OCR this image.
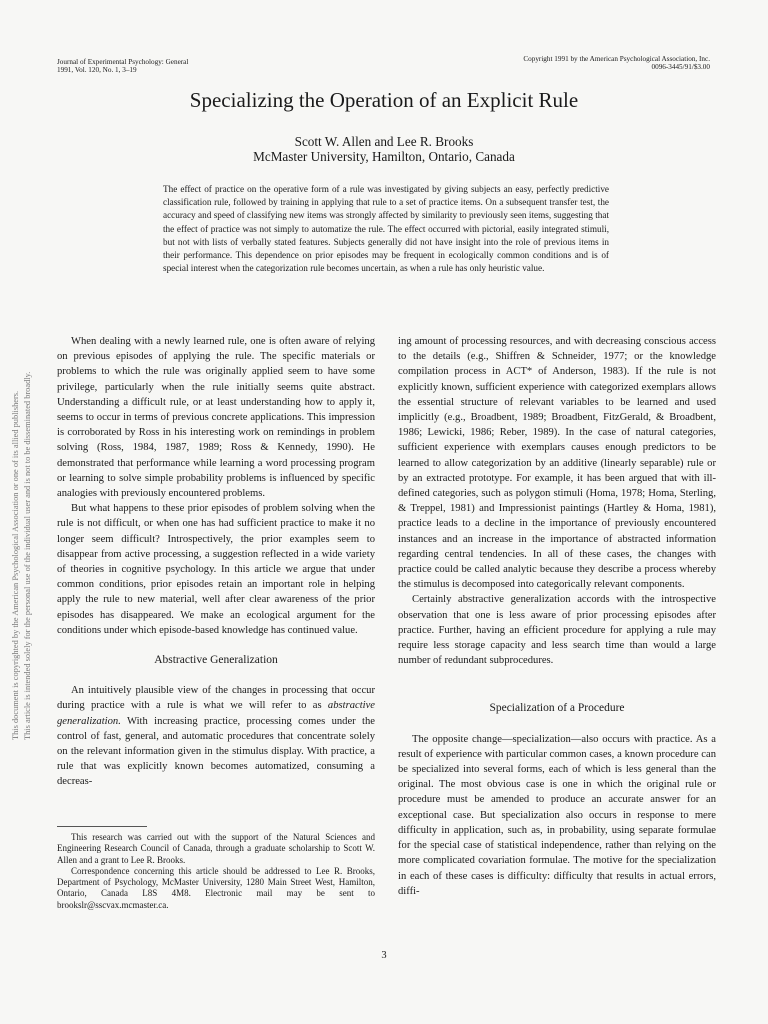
This document is copyrighted by the American Psychological Association or one of its allied publishers. This article is intended solely for the personal use of the individual user and is not to be disseminated broadly.
Journal of Experimental Psychology: General
1991, Vol. 120, No. 1, 3–19
Copyright 1991 by the American Psychological Association, Inc.
0096-3445/91/$3.00
Specializing the Operation of an Explicit Rule
Scott W. Allen and Lee R. Brooks
McMaster University, Hamilton, Ontario, Canada
The effect of practice on the operative form of a rule was investigated by giving subjects an easy, perfectly predictive classification rule, followed by training in applying that rule to a set of practice items. On a subsequent transfer test, the accuracy and speed of classifying new items was strongly affected by similarity to previously seen items, suggesting that the effect of practice was not simply to automatize the rule. The effect occurred with pictorial, easily integrated stimuli, but not with lists of verbally stated features. Subjects generally did not have insight into the role of previous items in their performance. This dependence on prior episodes may be frequent in ecologically common conditions and is of special interest when the categorization rule becomes uncertain, as when a rule has only heuristic value.

When dealing with a newly learned rule, one is often aware of relying on previous episodes of applying the rule. The specific materials or problems to which the rule was originally applied seem to have some privilege, particularly when the rule initially seems quite abstract. Understanding a difficult rule, or at least understanding how to apply it, seems to occur in terms of previous concrete applications. This impression is corroborated by Ross in his interesting work on remindings in problem solving (Ross, 1984, 1987, 1989; Ross & Kennedy, 1990). He demonstrated that performance while learning a word processing program or learning to solve simple probability problems is influenced by specific analogies with previously encountered problems.

But what happens to these prior episodes of problem solving when the rule is not difficult, or when one has had sufficient practice to make it no longer seem difficult? Introspectively, the prior examples seem to disappear from active processing, a suggestion reflected in a wide variety of theories in cognitive psychology. In this article we argue that under common conditions, prior episodes retain an important role in helping apply the rule to new material, well after clear awareness of the prior episodes has disappeared. We make an ecological argument for the conditions under which episode-based knowledge has continued value.

Abstractive Generalization

An intuitively plausible view of the changes in processing that occur during practice with a rule is what we will refer to as abstractive generalization. With increasing practice, processing comes under the control of fast, general, and automatic procedures that concentrate solely on the relevant information given in the stimulus display. With practice, a rule that was explicitly known becomes automatized, consuming a decreas-

This research was carried out with the support of the Natural Sciences and Engineering Research Council of Canada, through a graduate scholarship to Scott W. Allen and a grant to Lee R. Brooks.

Correspondence concerning this article should be addressed to Lee R. Brooks, Department of Psychology, McMaster University, 1280 Main Street West, Hamilton, Ontario, Canada L8S 4M8. Electronic mail may be sent to brookslr@sscvax.mcmaster.ca.

ing amount of processing resources, and with decreasing conscious access to the details (e.g., Shiffren & Schneider, 1977; or the knowledge compilation process in ACT* of Anderson, 1983). If the rule is not explicitly known, sufficient experience with categorized exemplars allows the essential structure of relevant variables to be learned and used implicitly (e.g., Broadbent, 1989; Broadbent, FitzGerald, & Broadbent, 1986; Lewicki, 1986; Reber, 1989). In the case of natural categories, sufficient experience with exemplars causes enough predictors to be learned to allow categorization by an additive (linearly separable) rule or by an extracted prototype. For example, it has been argued that with ill-defined categories, such as polygon stimuli (Homa, 1978; Homa, Sterling, & Treppel, 1981) and Impressionist paintings (Hartley & Homa, 1981), practice leads to a decline in the importance of previously encountered instances and an increase in the importance of abstracted information regarding central tendencies. In all of these cases, the changes with practice could be called analytic because they describe a process whereby the stimulus is decomposed into categorically relevant components.

Certainly abstractive generalization accords with the introspective observation that one is less aware of prior processing episodes after practice. Further, having an efficient procedure for applying a rule may require less storage capacity and less search time than would a large number of redundant subprocedures.

Specialization of a Procedure

The opposite change—specialization—also occurs with practice. As a result of experience with particular common cases, a known procedure can be specialized into several forms, each of which is less general than the original. The most obvious case is one in which the original rule or procedure must be amended to produce an accurate answer for an exceptional case. But specialization also occurs in response to mere difficulty in application, such as, in probability, using separate formulae for the special case of statistical independence, rather than relying on the more complicated covariation formulae. The motive for the specialization in each of these cases is difficulty: difficulty that results in actual errors, diffi-

3
